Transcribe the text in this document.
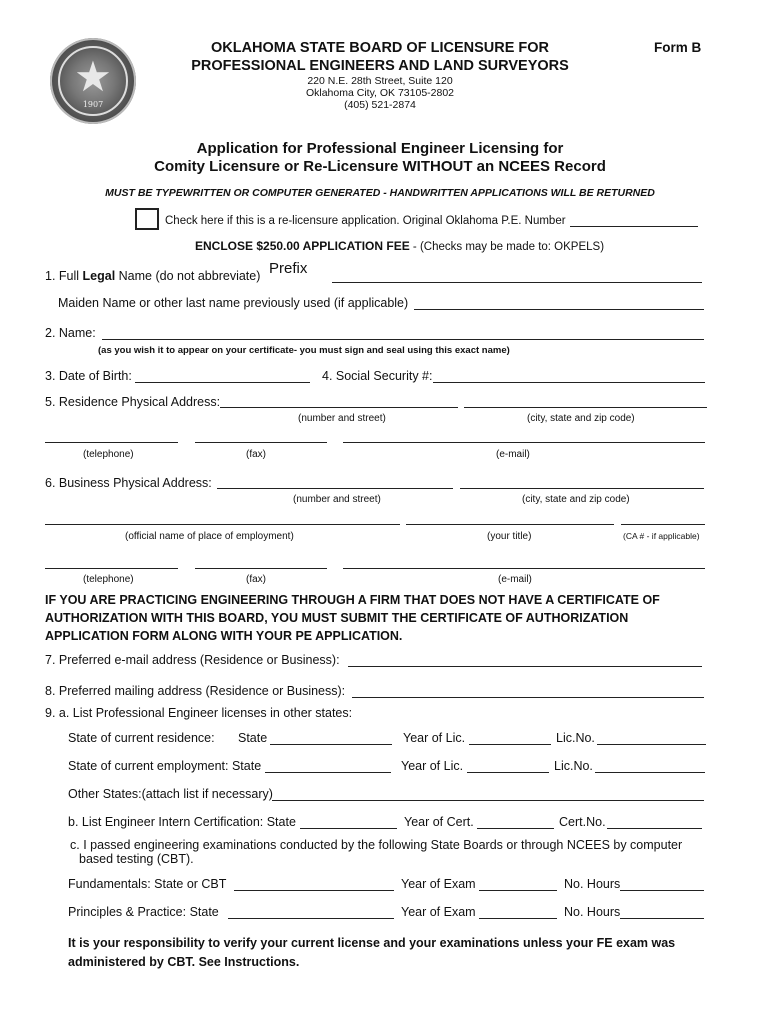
★
1907
OKLAHOMA STATE BOARD OF LICENSURE FOR
PROFESSIONAL ENGINEERS AND LAND SURVEYORS
Form B
220 N.E. 28th Street, Suite 120
Oklahoma City, OK 73105-2802
(405) 521-2874
Application for Professional Engineer Licensing for
Comity Licensure or Re-Licensure WITHOUT an NCEES Record
MUST BE TYPEWRITTEN OR COMPUTER GENERATED - HANDWRITTEN APPLICATIONS WILL BE RETURNED
Check here if this is a re-licensure application. Original Oklahoma P.E. Number
ENCLOSE $250.00 APPLICATION FEE - (Checks may be made to: OKPELS)
Prefix
1. Full Legal Name (do not abbreviate)
Maiden Name or other last name previously used (if applicable)
2. Name:
(as you wish it to appear on your certificate- you must sign and seal using this exact name)
3. Date of Birth:	4. Social Security #:
5. Residence Physical Address:
(number and street)	(city, state and zip code)
(telephone)	(fax)	(e-mail)
6. Business Physical Address:
(number and street)	(city, state and zip code)
(official name of place of employment)	(your title)	(CA # - if applicable)
(telephone)	(fax)	(e-mail)
IF YOU ARE PRACTICING ENGINEERING THROUGH A FIRM THAT DOES NOT HAVE A CERTIFICATE OF
AUTHORIZATION WITH THIS BOARD, YOU MUST SUBMIT THE CERTIFICATE OF AUTHORIZATION
APPLICATION FORM ALONG WITH YOUR PE APPLICATION.
7. Preferred e-mail address (Residence or Business):
8. Preferred mailing address (Residence or Business):
9. a. List Professional Engineer licenses in other states:
State of current residence: State	Year of Lic.	Lic.No.
State of current employment: State	Year of Lic.	Lic.No.
Other States:(attach list if necessary)
b. List Engineer Intern Certification: State	Year of Cert.	Cert.No.
c. I passed engineering examinations conducted by the following State Boards or through NCEES by computer
based testing (CBT).
Fundamentals: State or CBT	Year of Exam	No. Hours
Principles & Practice: State	Year of Exam	No. Hours
It is your responsibility to verify your current license and your examinations unless your FE exam was
administered by CBT. See Instructions.
